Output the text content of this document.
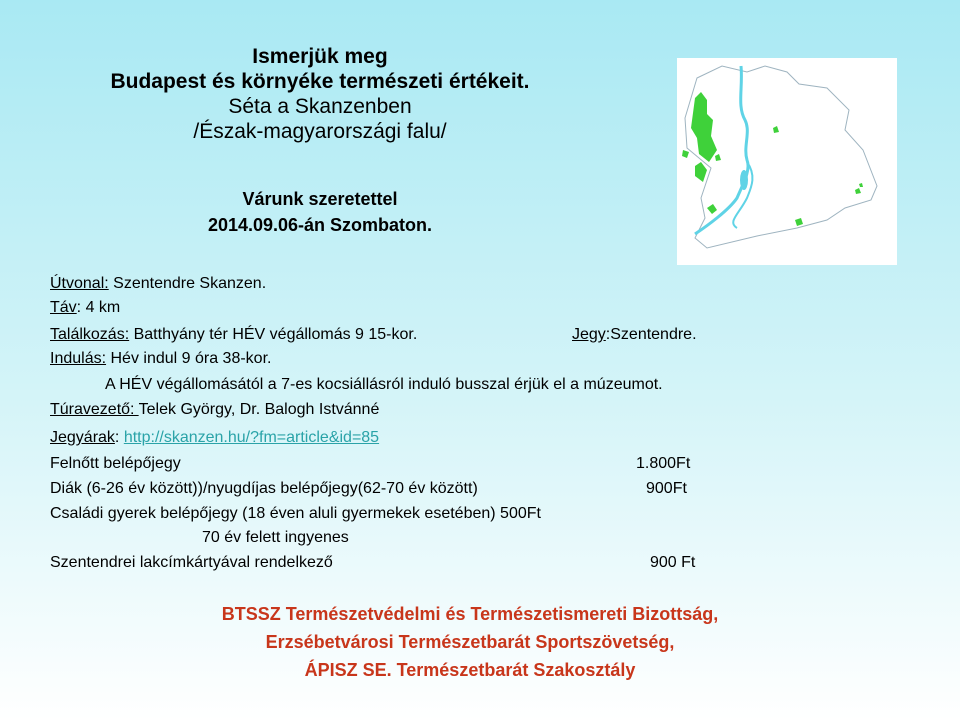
Ismerjük meg
Budapest és környéke természeti értékeit.
Séta a Skanzenben
/Észak-magyarországi falu/
Várunk szeretettel
2014.09.06-án Szombaton.
Útvonal: Szentendre Skanzen.
Táv: 4 km
Találkozás: Batthyány tér HÉV végállomás 9 15-kor.	Jegy:Szentendre.
Indulás: Hév indul 9 óra 38-kor.
A HÉV végállomásától a 7-es kocsiállásról induló busszal érjük el a múzeumot.
Túravezető: Telek György, Dr. Balogh Istvánné
Jegyárak: http://skanzen.hu/?fm=article&id=85
Felnőtt belépőjegy	1.800Ft
Diák (6-26 év között))/nyugdíjas belépőjegy(62-70 év között)	900Ft
Családi gyerek belépőjegy (18 éven aluli gyermekek esetében) 500Ft
70 év felett ingyenes
Szentendrei lakcímkártyával rendelkező	900 Ft
BTSSZ Természetvédelmi és Természetismereti Bizottság,
Erzsébetvárosi Természetbarát Sportszövetség,
ÁPISZ SE. Természetbarát Szakosztály
